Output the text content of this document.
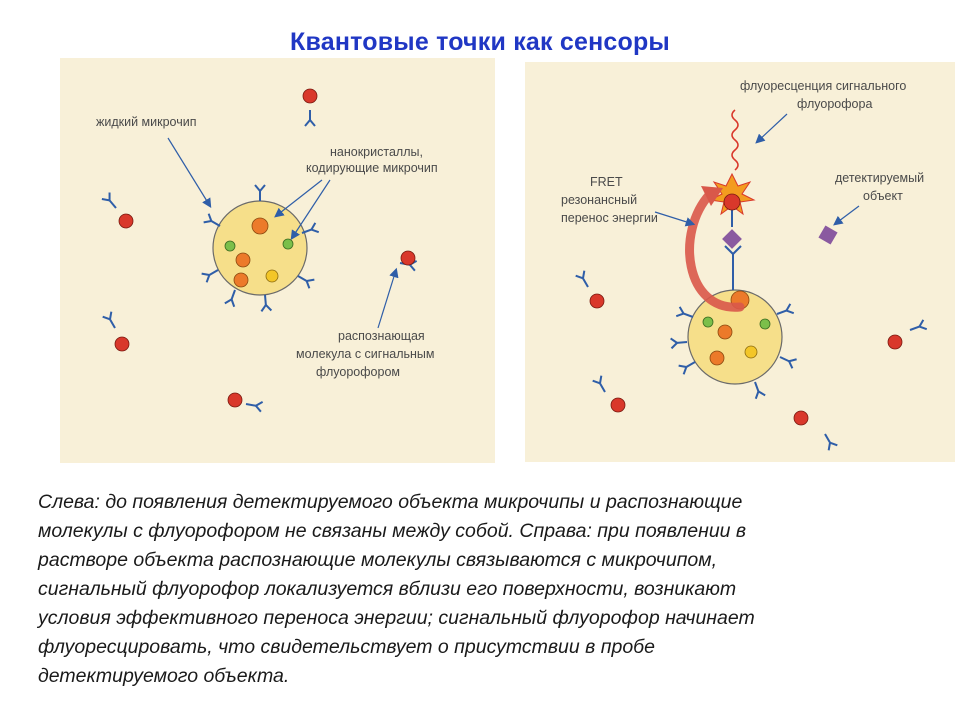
Квантовые точки как сенсоры
жидкий микрочип
нанокристаллы,
кодирующие микрочип
распознающая
молекула с сигнальным
флуорофором
флуоресценция сигнального
флуорофора
FRET
резонансный
перенос энергии
детектируемый
объект
Слева: до появления детектируемого объекта микрочипы и распознающие
молекулы с флуорофором не связаны между собой. Справа: при появлении в
растворе объекта распознающие молекулы связываются с микрочипом,
сигнальный флуорофор локализуется вблизи его поверхности, возникают
условия эффективного переноса энергии; сигнальный флуорофор начинает
флуоресцировать, что свидетельствует о присутствии в пробе
детектируемого объекта.
